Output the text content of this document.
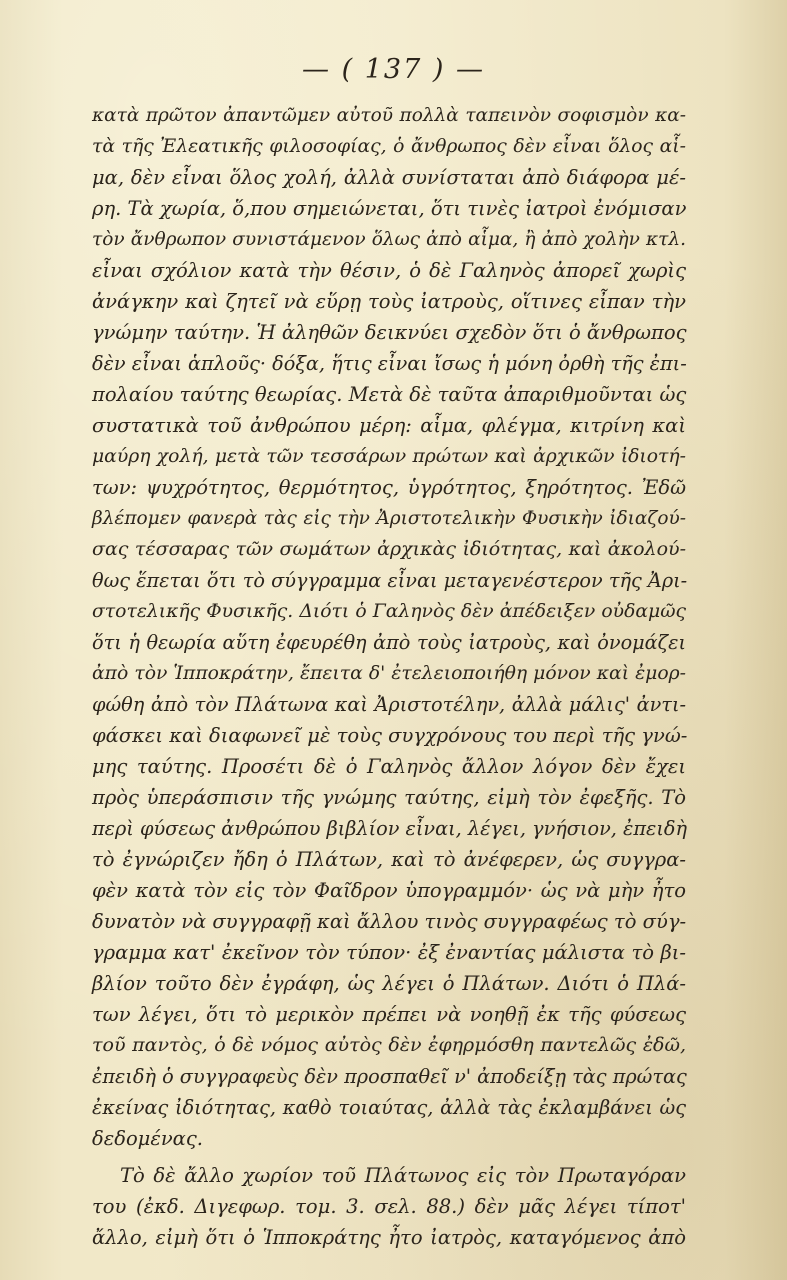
— ( 137 ) —
κατὰ πρῶτον ἀπαντῶμεν αὐτοῦ πολλὰ ταπεινὸν σοφισμὸν κα-
τὰ τῆς Ἐλεατικῆς φιλοσοφίας, ὁ ἄνθρωπος δὲν εἶναι ὅλος αἷ-
μα, δὲν εἶναι ὅλος χολή, ἀλλὰ συνίσταται ἀπὸ διάφορα μέ-
ρη. Τὰ χωρία, ὅ,που σημειώνεται, ὅτι τινὲς ἰατροὶ ἐνόμισαν
τὸν ἄνθρωπον συνιστάμενον ὅλως ἀπὸ αἷμα, ἢ ἀπὸ χολὴν κτλ.
εἶναι σχόλιον κατὰ τὴν θέσιν, ὁ δὲ Γαληνὸς ἀπορεῖ χωρὶς
ἀνάγκην καὶ ζητεῖ νὰ εὕρῃ τοὺς ἰατροὺς, οἵτινες εἶπαν τὴν
γνώμην ταύτην. Ἡ ἀληθῶν δεικνύει σχεδὸν ὅτι ὁ ἄνθρωπος
δὲν εἶναι ἁπλοῦς· δόξα, ἥτις εἶναι ἴσως ἡ μόνη ὀρθὴ τῆς ἐπι-
πολαίου ταύτης θεωρίας. Μετὰ δὲ ταῦτα ἀπαριθμοῦνται ὡς
συστατικὰ τοῦ ἀνθρώπου μέρη: αἷμα, φλέγμα, κιτρίνη καὶ
μαύρη χολή, μετὰ τῶν τεσσάρων πρώτων καὶ ἀρχικῶν ἰδιοτή-
των: ψυχρότητος, θερμότητος, ὑγρότητος, ξηρότητος. Ἐδῶ
βλέπομεν φανερὰ τὰς εἰς τὴν Ἀριστοτελικὴν Φυσικὴν ἰδιαζού-
σας τέσσαρας τῶν σωμάτων ἀρχικὰς ἰδιότητας, καὶ ἀκολού-
θως ἕπεται ὅτι τὸ σύγγραμμα εἶναι μεταγενέστερον τῆς Ἀρι-
στοτελικῆς Φυσικῆς. Διότι ὁ Γαληνὸς δὲν ἀπέδειξεν οὐδαμῶς
ὅτι ἡ θεωρία αὕτη ἐφευρέθη ἀπὸ τοὺς ἰατροὺς, καὶ ὀνομάζει
ἀπὸ τὸν Ἱπποκράτην, ἔπειτα δ' ἐτελειοποιήθη μόνον καὶ ἐμορ-
φώθη ἀπὸ τὸν Πλάτωνα καὶ Ἀριστοτέλην, ἀλλὰ μάλις' ἀντι-
φάσκει καὶ διαφωνεῖ μὲ τοὺς συγχρόνους του περὶ τῆς γνώ-
μης ταύτης. Προσέτι δὲ ὁ Γαληνὸς ἄλλον λόγον δὲν ἔχει
πρὸς ὑπεράσπισιν τῆς γνώμης ταύτης, εἰμὴ τὸν ἐφεξῆς. Τὸ
περὶ φύσεως ἀνθρώπου βιβλίον εἶναι, λέγει, γνήσιον, ἐπειδὴ
τὸ ἐγνώριζεν ἤδη ὁ Πλάτων, καὶ τὸ ἀνέφερεν, ὡς συγγρα-
φὲν κατὰ τὸν εἰς τὸν Φαῖδρον ὑπογραμμόν· ὡς νὰ μὴν ἦτο
δυνατὸν νὰ συγγραφῇ καὶ ἄλλου τινὸς συγγραφέως τὸ σύγ-
γραμμα κατ' ἐκεῖνον τὸν τύπον· ἐξ ἐναντίας μάλιστα τὸ βι-
βλίον τοῦτο δὲν ἐγράφη, ὡς λέγει ὁ Πλάτων. Διότι ὁ Πλά-
των λέγει, ὅτι τὸ μερικὸν πρέπει νὰ νοηθῇ ἐκ τῆς φύσεως
τοῦ παντὸς, ὁ δὲ νόμος αὐτὸς δὲν ἐφηρμόσθη παντελῶς ἐδῶ,
ἐπειδὴ ὁ συγγραφεὺς δὲν προσπαθεῖ ν' ἀποδείξῃ τὰς πρώτας
ἐκείνας ἰδιότητας, καθὸ τοιαύτας, ἀλλὰ τὰς ἐκλαμβάνει ὡς
δεδομένας.
Τὸ δὲ ἄλλο χωρίον τοῦ Πλάτωνος εἰς τὸν Πρωταγόραν
του (ἐκδ. Διγεφωρ. τομ. 3. σελ. 88.) δὲν μᾶς λέγει τίποτ'
ἄλλο, εἰμὴ ὅτι ὁ Ἱπποκράτης ἦτο ἰατρὸς, καταγόμενος ἀπὸ
